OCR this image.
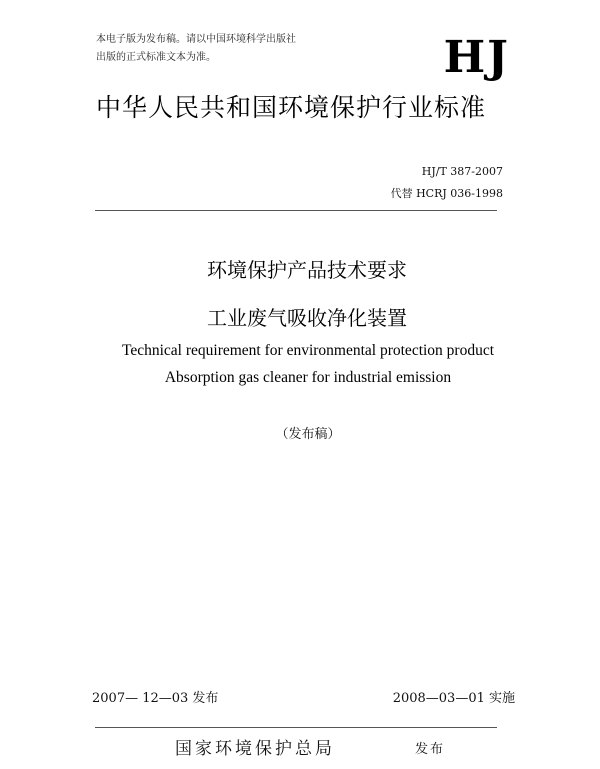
本电子版为发布稿。请以中国环境科学出版社
出版的正式标准文本为准。	HJ
中华人民共和国环境保护行业标准
HJ/T 387-2007
代替 HCRJ 036-1998
环境保护产品技术要求
工业废气吸收净化装置
Technical requirement for environmental protection product
Absorption gas cleaner for industrial emission
（发布稿）
2007— 12—03 发布	2008—03—01 实施
国家环境保护总局	发布
